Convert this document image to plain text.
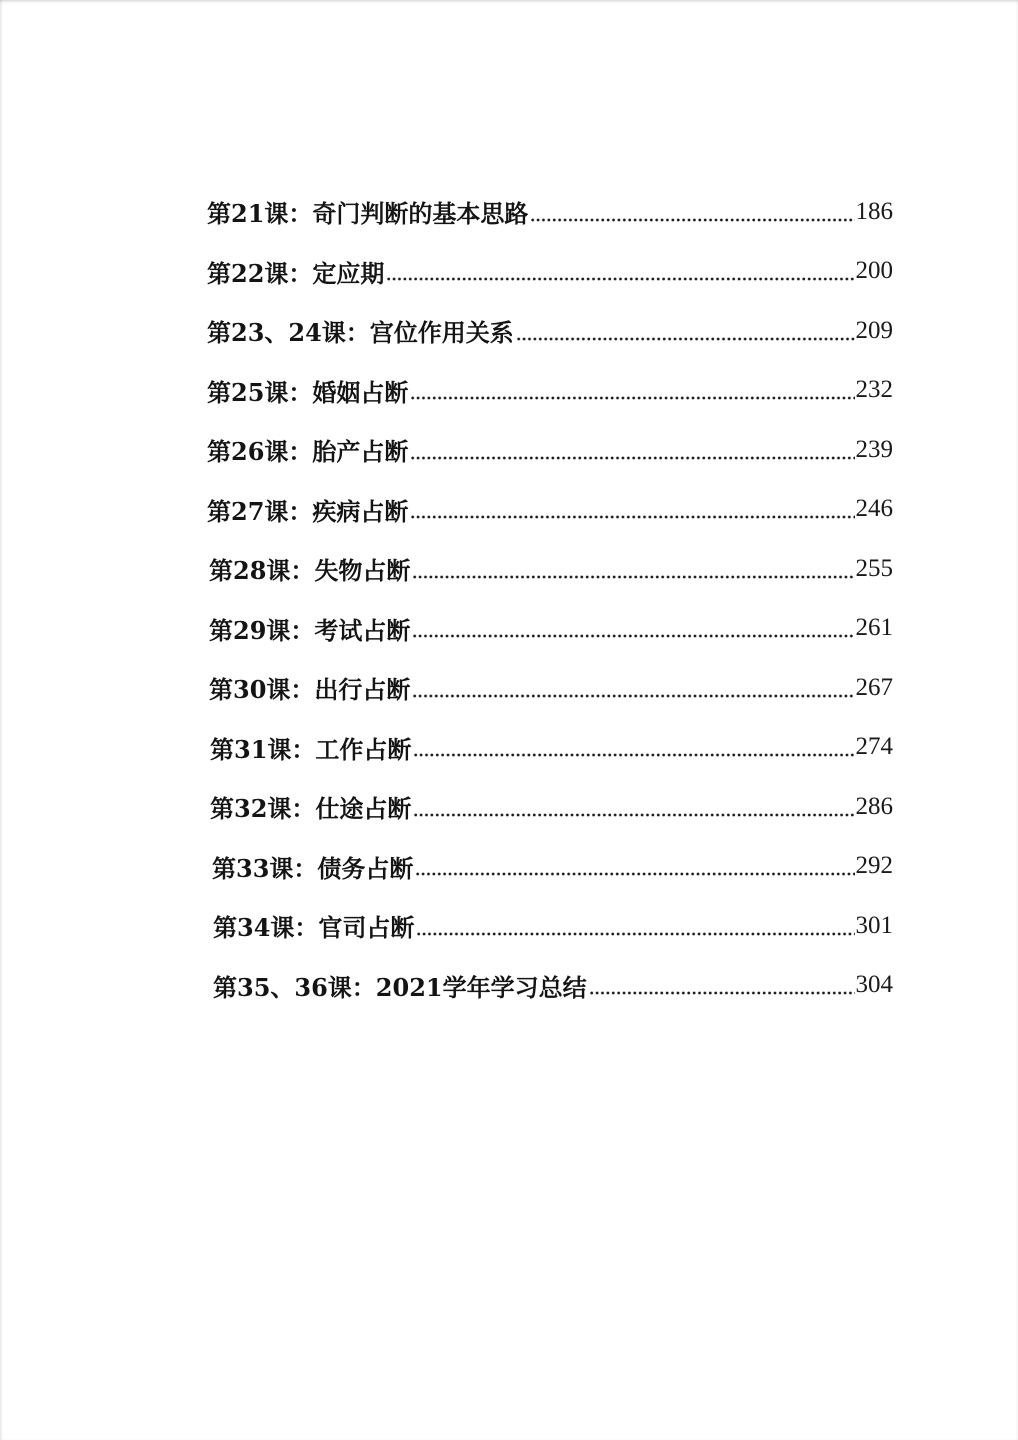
第21课：奇门判断的基本思路	186
第22课：定应期	200
第23、24课：宫位作用关系	209
第25课：婚姻占断	232
第26课：胎产占断	239
第27课：疾病占断	246
第28课：失物占断	255
第29课：考试占断	261
第30课：出行占断	267
第31课：工作占断	274
第32课：仕途占断	286
第33课：债务占断	292
第34课：官司占断	301
第35、36课：2021学年学习总结	304
